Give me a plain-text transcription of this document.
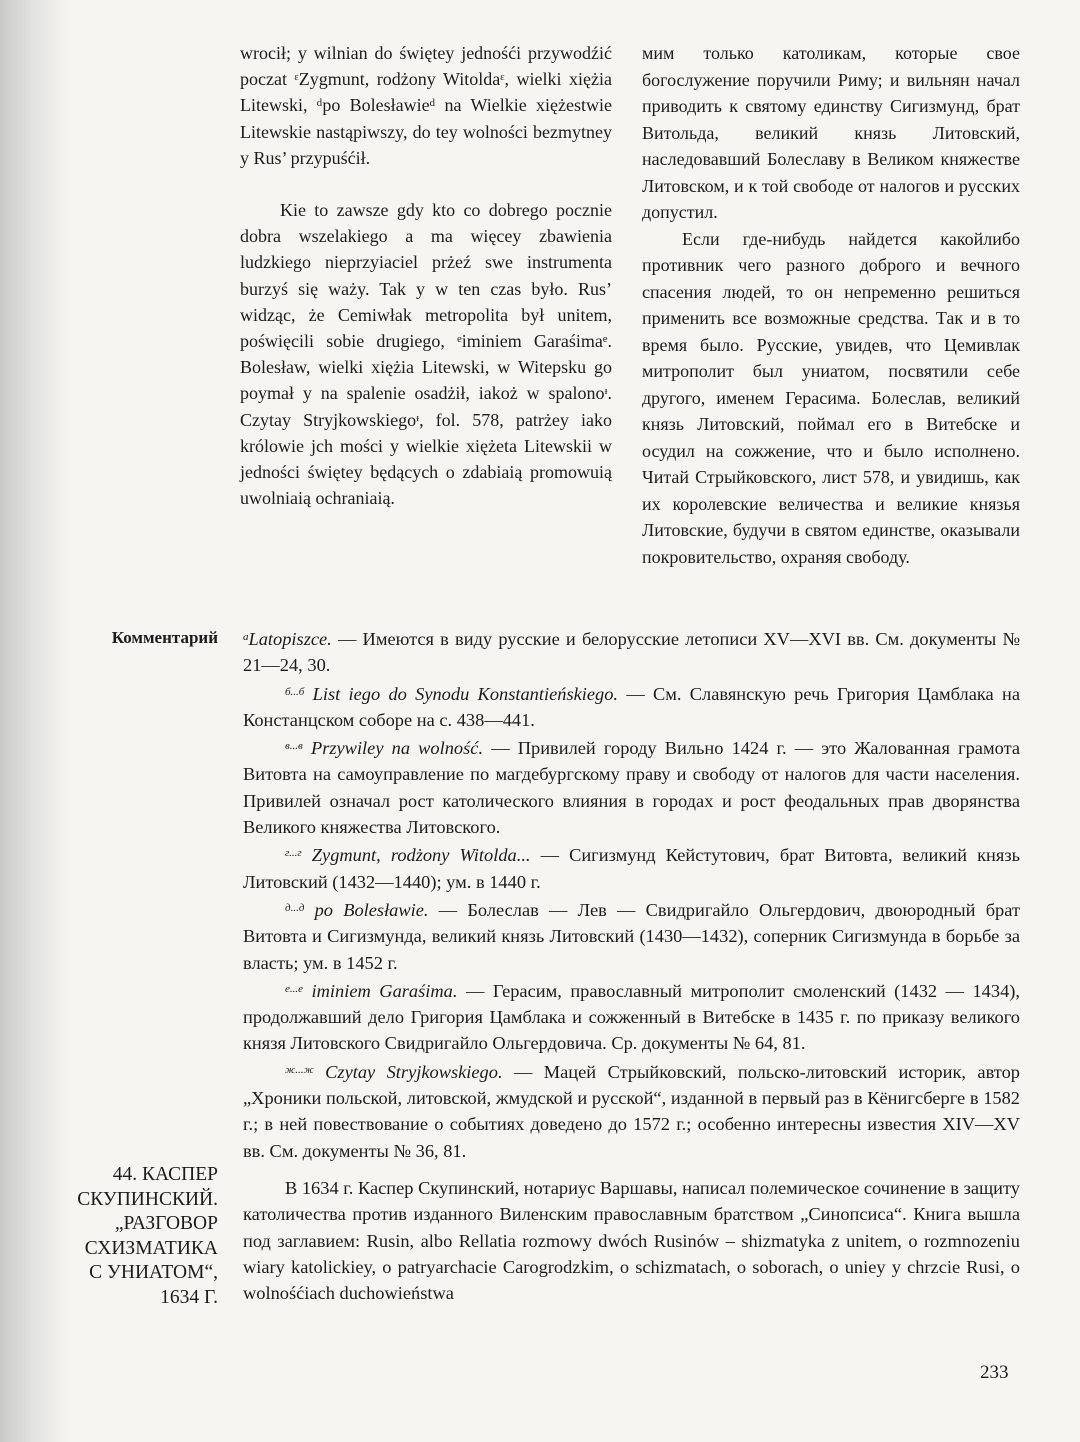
wrocił; y wilnian do świętеy jednośći przywodźić poczat ᵋZygmunt, rodżony Witoldaᵋ, wielki xiężia Litewski, ᵈpo Bolesławieᵈ na Wielkie xiężestwie Litewskie nastąpiwszy, do tey wolności bezmytney y Rus’ przypuśćił.

Kie to zawsze gdy kto co dobrego pocznie dobra wszelakiego a ma więcey zbawienia ludzkiego nieprzyiaciel prżeź swe instrumenta burzyś się waży. Tak y w ten czas było. Rus’ widząc, że Cemiwłak metropolita był unitem, poświęcili sobie drugiego, ᵉiminiem Garaśimaᵉ. Bolesław, wielki xiężia Litewski, w Witepsku go poymał y na spalenie osadżił, iakoż w spalonoᶧ. Czytay Stryjkowskiegoᶧ, fol. 578, patrżey iako królowie jch mości y wielkie xiężeta Litewskii w jedności świętey będących o zdabiaią promowuią uwolniaią ochraniaią.

мим только католикам, которые свое богослужение поручили Риму; и вильнян начал приводить к святому единству Сигизмунд, брат Витольда, великий князь Литовский, наследовавший Болеславу в Великом княжестве Литовском, и к той свободе от налогов и русских допустил.

Если где-нибудь найдется какойлибо противник чего разного доброго и вечного спасения людей, то он непременно решиться применить все возможные средства. Так и в то время было. Русские, увидев, что Цемивлак митрополит был униатом, посвятили себе другого, именем Герасима. Болеслав, великий князь Литовский, поймал его в Витебске и осудил на сожжение, что и было исполнено. Читай Стрыйковского, лист 578, и увидишь, как их королевские величества и великие князья Литовские, будучи в святом единстве, оказывали покровительство, охраняя свободу.

Комментарий $^а$Latopiszce. — Имеются в виду русские и белорусские летописи XV—XVI вв. См. документы № 21—24, 30.

$^{б...б}$ List iego do Synodu Konstantieńskiego. — См. Славянскую речь Григория Цамблака на Констанцском соборе на с. 438—441.

$^{в...в}$ Przywiley na wolność. — Привилей городу Вильно 1424 г. — это Жалованная грамота Витовта на самоуправление по магдебургскому праву и свободу от налогов для части населения. Привилей означал рост католического влияния в городах и рост феодальных прав дворянства Великого княжества Литовского.

$^{г...г}$ Zygmunt, rodżony Witolda... — Сигизмунд Кейстутович, брат Витовта, великий князь Литовский (1432—1440); ум. в 1440 г.

$^{д...д}$ po Bolesławie. — Болеслав — Лев — Свидригайло Ольгердович, двоюродный брат Витовта и Сигизмунда, великий князь Литовский (1430—1432), соперник Сигизмунда в борьбе за власть; ум. в 1452 г.

$^{е...е}$ iminiem Garaśima. — Герасим, православный митрополит смоленский (1432 — 1434), продолжавший дело Григория Цамблака и сожженный в Витебске в 1435 г. по приказу великого князя Литовского Свидригайло Ольгердовича. Ср. документы № 64, 81.

$^{ж...ж}$ Czytay Stryjkowskiego. — Мацей Стрыйковский, польско-литовский историк, автор „Хроники польской, литовской, жмудской и русской“, изданной в первый раз в Кёнигсберге в 1582 г.; в ней повествование о событиях доведено до 1572 г.; особенно интересны известия XIV—XV вв. См. документы № 36, 81.

44. КАСПЕР
СКУПИНСКИЙ.
„РАЗГОВОР
СХИЗМАТИКА
С УНИАТОМ“,
1634 Г.

В 1634 г. Каспер Скупинский, нотариус Варшавы, написал полемическое сочинение в защиту католичества против изданного Виленским православным братством „Синопсиса“. Книга вышла под заглавием: Rusin, albo Rellatia rozmowy dwóch Rusinów – shizmatyka z unitem, o rozmnozeniu wiary katolickiey, o patryarchacie Carogrodzkim, o schizmatach, o soborach, o uniey y chrzcie Rusi, o wolnośćiach duchowieństwa

233
